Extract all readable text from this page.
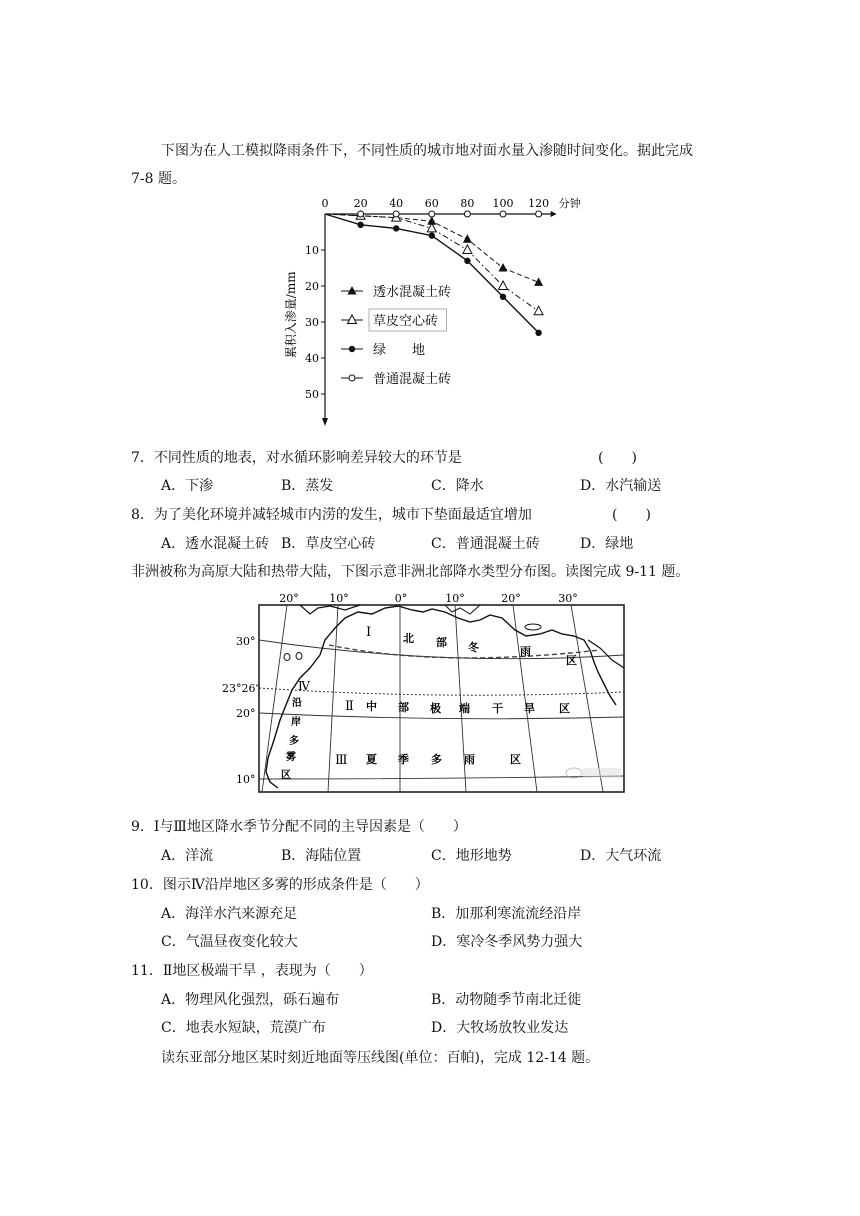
下图为在人工模拟降雨条件下，不同性质的城市地对面水量入渗随时间变化。据此完成
7-8 题。
0 20 40 60 80 100 120 分钟
10
20
30
40
50
累积入渗量/mm	透水混凝土砖
草皮空心砖
绿　　地
普通混凝土砖
7．不同性质的地表，对水循环影响差异较大的环节是	(　　)
A．下渗	B．蒸发	C．降水	D．水汽输送
8．为了美化环境并减轻城市内涝的发生，城市下垫面最适宜增加	(　　)
A．透水混凝土砖 B．草皮空心砖	C．普通混凝土砖	D．绿地
非洲被称为高原大陆和热带大陆，下图示意非洲北部降水类型分布图。读图完成 9-11 题。
20°	10°	0°	10°	20°	30°
30°
23°26'
20°
10°
Ⅰ	北 部 冬	雨
区
Ⅱ 中 部 极 端 干 旱 区
Ⅲ 夏 季 多 雨	区
Ⅳ
沿
岸
多
雾
区
9．Ⅰ与Ⅲ地区降水季节分配不同的主导因素是（　　）
A．洋流	B．海陆位置	C．地形地势	D．大气环流
10．图示Ⅳ沿岸地区多雾的形成条件是（　　）
A．海洋水汽来源充足	B．加那利寒流流经沿岸
C．气温昼夜变化较大	D．寒冷冬季风势力强大
11．Ⅱ地区极端干旱 ，表现为（　　）
A．物理风化强烈，砾石遍布	B．动物随季节南北迁徙
C．地表水短缺，荒漠广布	D．大牧场放牧业发达
读东亚部分地区某时刻近地面等压线图(单位：百帕)，完成 12-14 题。
